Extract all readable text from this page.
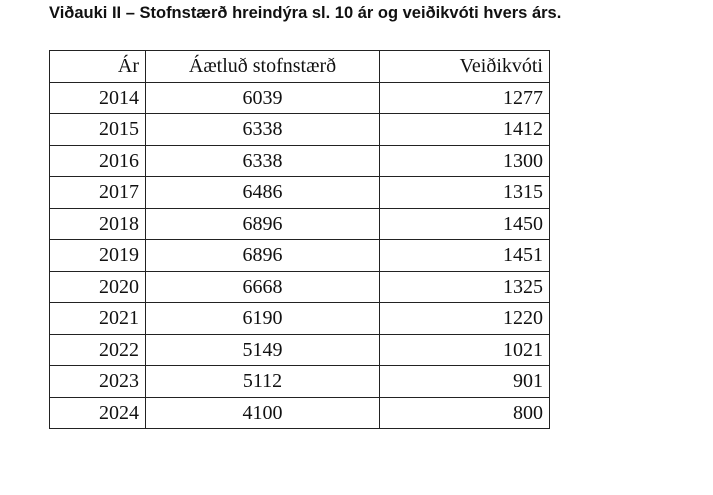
Viðauki II – Stofnstærð hreindýra sl. 10 ár og veiðikvóti hvers árs.
Ár	Áætluð stofnstærð	Veiðikvóti
2014	6039	1277
2015	6338	1412
2016	6338	1300
2017	6486	1315
2018	6896	1450
2019	6896	1451
2020	6668	1325
2021	6190	1220
2022	5149	1021
2023	5112	901
2024	4100	800
